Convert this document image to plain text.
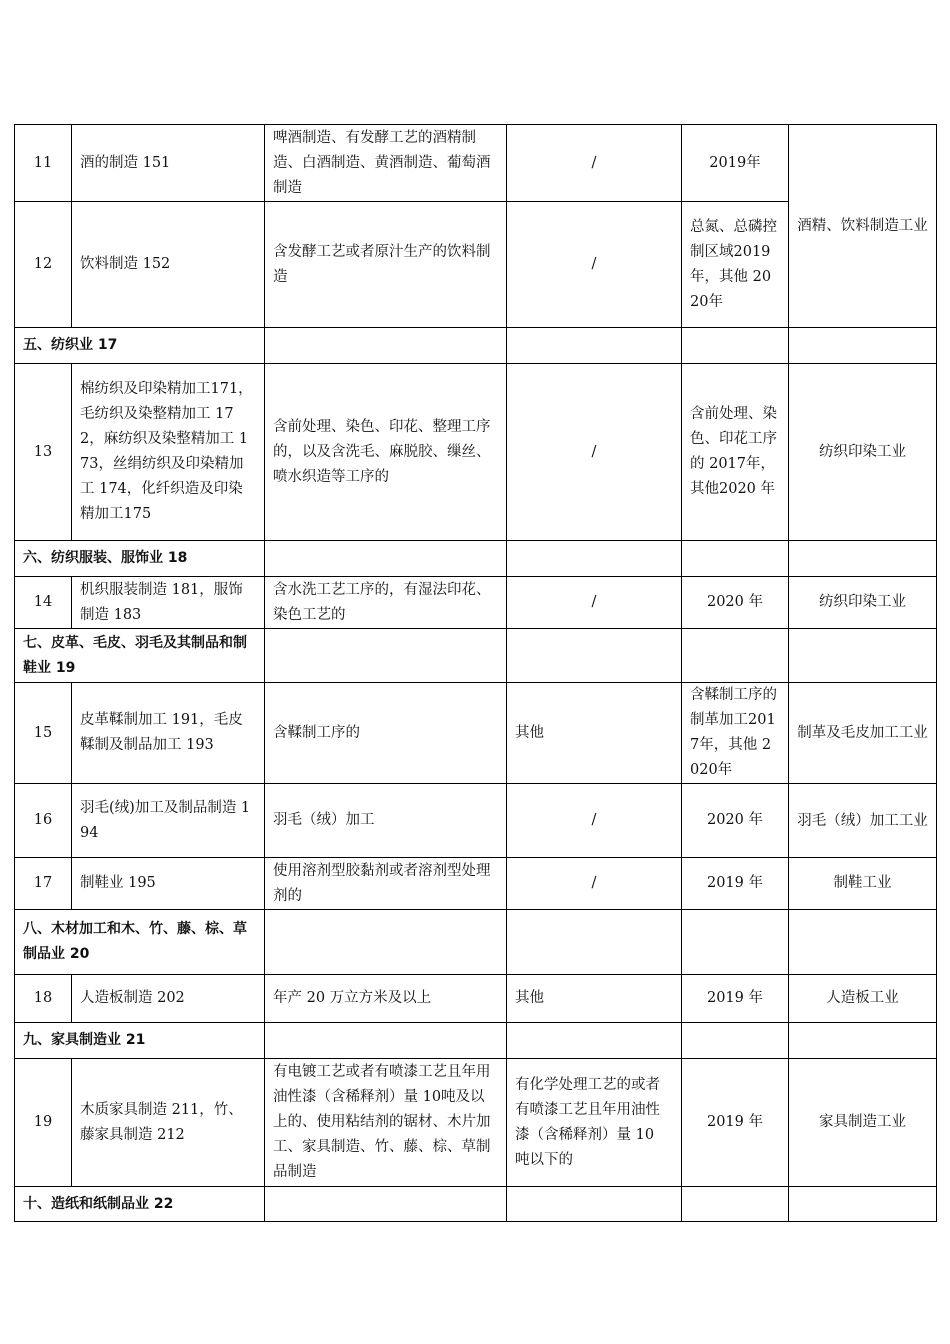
11	酒的制造 151	啤酒制造、有发酵工艺的酒精制造、白酒制造、黄酒制造、葡萄酒制造	/	2019年	酒精、饮料制造工业
12	饮料制造 152	含发酵工艺或者原汁生产的饮料制造	/	总氮、总磷控制区域2019年，其他 2020年	
五、纺织业 17					
13	棉纺织及印染精加工171，毛纺织及染整精加工 172，麻纺织及染整精加工 173，丝绢纺织及印染精加工 174，化纤织造及印染精加工175	含前处理、染色、印花、整理工序的，以及含洗毛、麻脱胶、缫丝、喷水织造等工序的	/	含前处理、染色、印花工序的 2017年，其他2020 年	纺织印染工业
六、纺织服装、服饰业 18					
14	机织服装制造 181，服饰制造 183	含水洗工艺工序的，有湿法印花、染色工艺的	/	2020 年	纺织印染工业
七、皮革、毛皮、羽毛及其制品和制鞋业 19					
15	皮革鞣制加工 191，毛皮鞣制及制品加工 193	含鞣制工序的	其他	含鞣制工序的制革加工2017年，其他 2020年	制革及毛皮加工工业
16	羽毛(绒)加工及制品制造 194	羽毛（绒）加工	/	2020 年	羽毛（绒）加工工业
17	制鞋业 195	使用溶剂型胶黏剂或者溶剂型处理剂的	/	2019 年	制鞋工业
八、木材加工和木、竹、藤、棕、草制品业 20					
18	人造板制造 202	年产 20 万立方米及以上	其他	2019 年	人造板工业
九、家具制造业 21					
19	木质家具制造 211，竹、藤家具制造 212	有电镀工艺或者有喷漆工艺且年用油性漆（含稀释剂）量 10吨及以上的、使用粘结剂的锯材、木片加工、家具制造、竹、藤、棕、草制品制造	有化学处理工艺的或者有喷漆工艺且年用油性漆（含稀释剂）量 10 吨以下的	2019 年	家具制造工业
十、造纸和纸制品业 22					
